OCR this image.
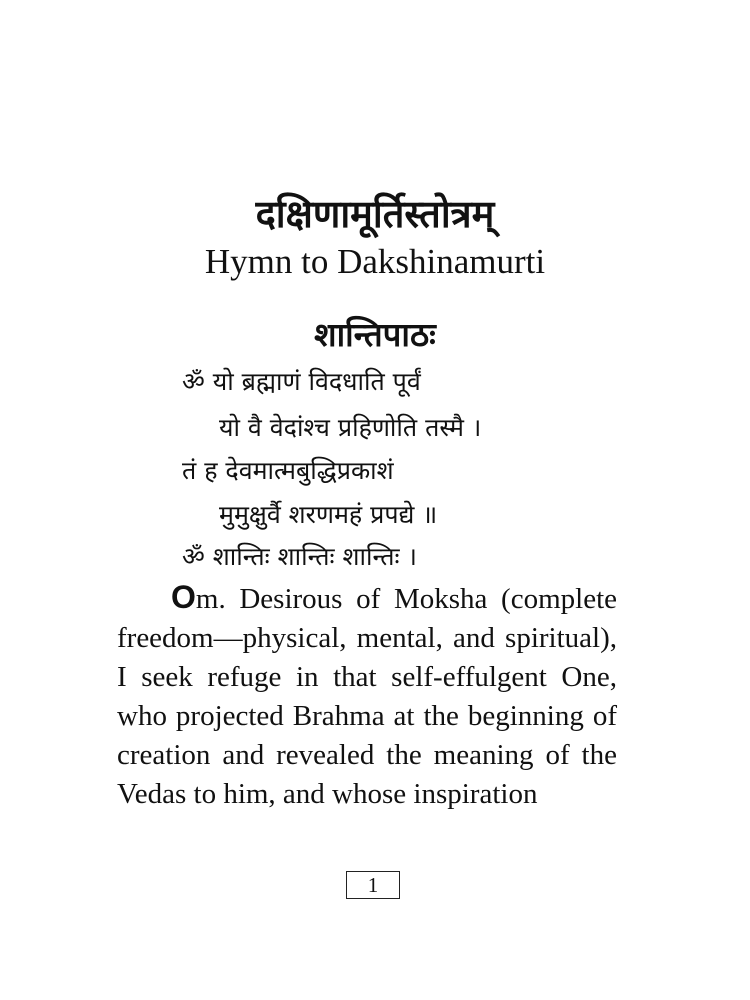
दक्षिणामूर्तिस्तोत्रम्
Hymn to Dakshinamurti
शान्तिपाठः
ॐ यो ब्रह्माणं विदधाति पूर्वं
यो वै वेदांश्च प्रहिणोति तस्मै ।
तं ह देवमात्मबुद्धिप्रकाशं
मुमुक्षुर्वै शरणमहं प्रपद्ये ॥
ॐ शान्तिः शान्तिः शान्तिः ।
Om. Desirous of Moksha (complete freedom—physical, mental, and spiritual), I seek refuge in that self-effulgent One, who projected Brahma at the beginning of creation and revealed the meaning of the Vedas to him, and whose inspiration
1
